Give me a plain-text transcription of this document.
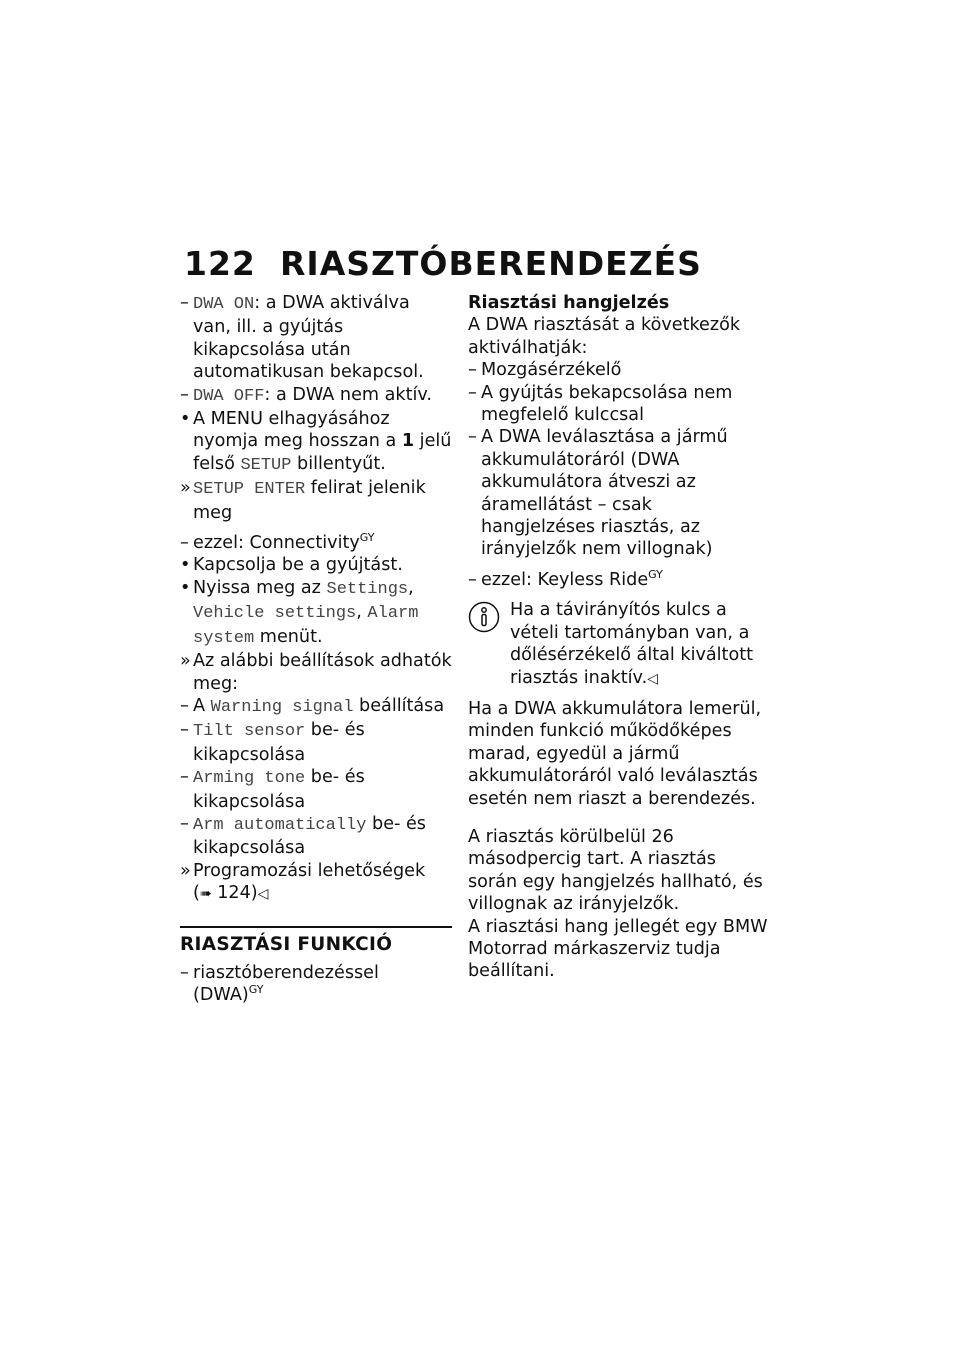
122 RIASZTÓBERENDEZÉS
– DWA ON: a DWA aktiválva van, ill. a gyújtás kikapcsolása után automatikusan bekapcsol.
– DWA OFF: a DWA nem aktív.
• A MENU elhagyásához nyomja meg hosszan a 1 jelű felső SETUP billentyűt.
» SETUP ENTER felirat jelenik meg
– ezzel: Connectivity$^{GY}$
• Kapcsolja be a gyújtást.
• Nyissa meg az Settings, Vehicle settings, Alarm system menüt.
» Az alábbi beállítások adhatók meg:
– A Warning signal beállítása
– Tilt sensor be- és kikapcsolása
– Arming tone be- és kikapcsolása
– Arm automatically be- és kikapcsolása
» Programozási lehetőségek
(➠ 124)◁
RIASZTÁSI FUNKCIÓ
– riasztóberendezéssel (DWA)$^{GY}$
Riasztási hangjelzés
A DWA riasztását a következők aktiválhatják:
– Mozgásérzékelő
– A gyújtás bekapcsolása nem megfelelő kulccsal
– A DWA leválasztása a jármű akkumulátoráról (DWA akkumulátora átveszi az áramellátást – csak hangjelzéses riasztás, az irányjelzők nem villognak)
– ezzel: Keyless Ride$^{GY}$
Ha a távirányítós kulcs a vételi tartományban van, a dőlésérzékelő által kiváltott riasztás inaktív.◁
Ha a DWA akkumulátora lemerül, minden funkció működőképes marad, egyedül a jármű akkumulátoráról való leválasztás esetén nem riaszt a berendezés.
A riasztás körülbelül 26 másodpercig tart. A riasztás során egy hangjelzés hallható, és villognak az irányjelzők.
A riasztási hang jellegét egy BMW Motorrad márkaszerviz tudja beállítani.
